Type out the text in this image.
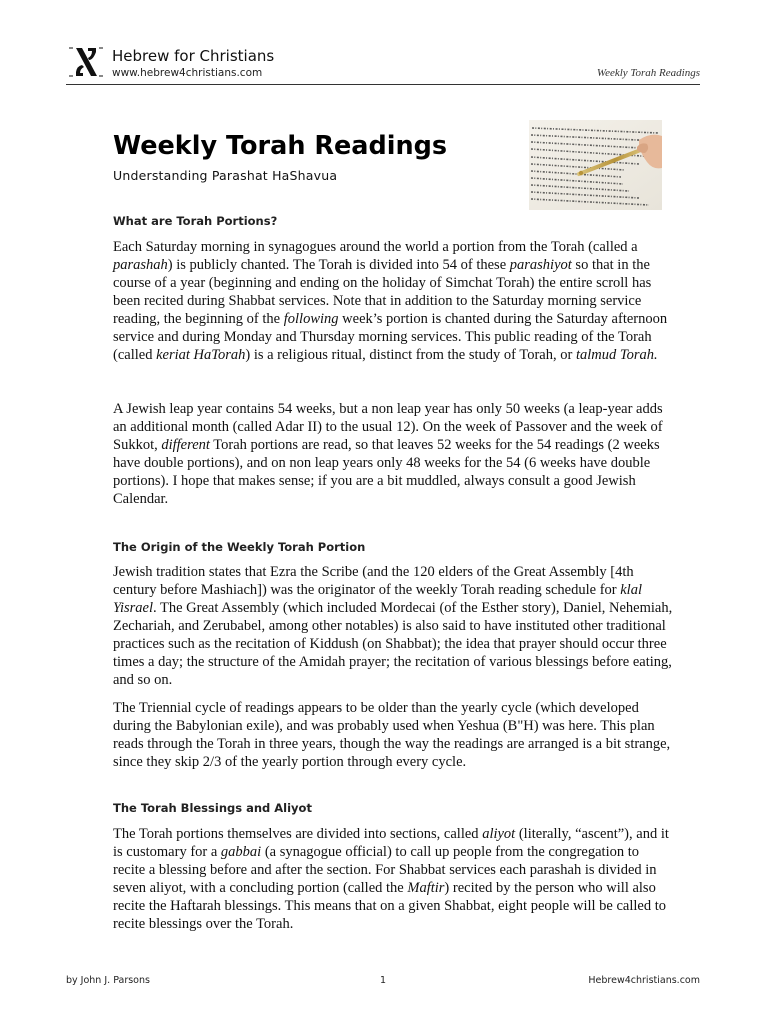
Hebrew for Christians
www.hebrew4christians.com	Weekly Torah Readings
Weekly Torah Readings
Understanding Parashat HaShavua
What are Torah Portions?

Each Saturday morning in synagogues around the world a portion from the Torah (called a parashah) is publicly chanted. The Torah is divided into 54 of these parashiyot so that in the course of a year (beginning and ending on the holiday of Simchat Torah) the entire scroll has been recited during Shabbat services. Note that in addition to the Saturday morning service reading, the beginning of the following week’s portion is chanted during the Saturday afternoon service and during Monday and Thursday morning services. This public reading of the Torah (called keriat HaTorah) is a religious ritual, distinct from the study of Torah, or talmud Torah.

A Jewish leap year contains 54 weeks, but a non leap year has only 50 weeks (a leap-year adds an additional month (called Adar II) to the usual 12). On the week of Passover and the week of Sukkot, different Torah portions are read, so that leaves 52 weeks for the 54 readings (2 weeks have double portions), and on non leap years only 48 weeks for the 54 (6 weeks have double portions). I hope that makes sense; if you are a bit muddled, always consult a good Jewish Calendar.

The Origin of the Weekly Torah Portion

Jewish tradition states that Ezra the Scribe (and the 120 elders of the Great Assembly [4th century before Mashiach]) was the originator of the weekly Torah reading schedule for klal Yisrael. The Great Assembly (which included Mordecai (of the Esther story), Daniel, Nehemiah, Zechariah, and Zerubabel, among other notables) is also said to have instituted other traditional practices such as the recitation of Kiddush (on Shabbat); the idea that prayer should occur three times a day; the structure of the Amidah prayer; the recitation of various blessings before eating, and so on.

The Triennial cycle of readings appears to be older than the yearly cycle (which developed during the Babylonian exile), and was probably used when Yeshua (B"H) was here. This plan reads through the Torah in three years, though the way the readings are arranged is a bit strange, since they skip 2/3 of the yearly portion through every cycle.

The Torah Blessings and Aliyot

The Torah portions themselves are divided into sections, called aliyot (literally, “ascent”), and it is customary for a gabbai (a synagogue official) to call up people from the congregation to recite a blessing before and after the section. For Shabbat services each parashah is divided in seven aliyot, with a concluding portion (called the Maftir) recited by the person who will also recite the Haftarah blessings. This means that on a given Shabbat, eight people will be called to recite blessings over the Torah.

by John J. Parsons	1	Hebrew4christians.com
